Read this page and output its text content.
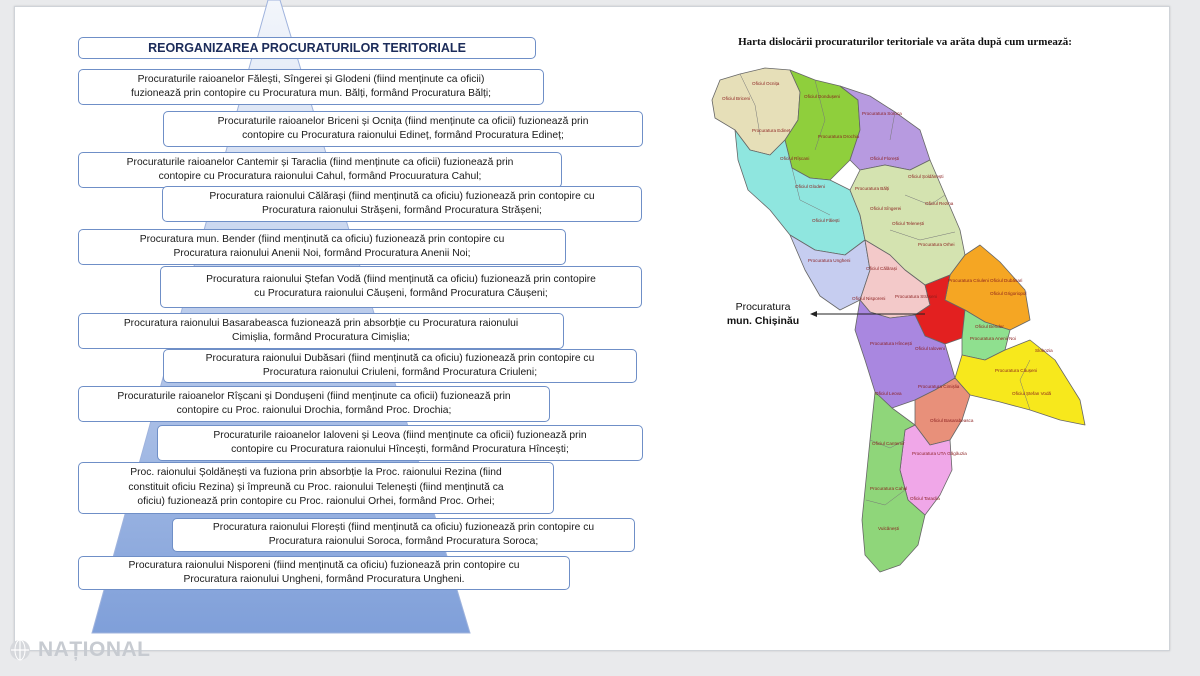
REORGANIZAREA PROCURATURILOR TERITORIALE
Procuraturile raioanelor Fălești, Sîngerei și Glodeni (fiind menținute ca oficii)
fuzionează prin contopire cu Procuratura mun. Bălți, formând Procuratura Bălți;
Procuraturile raioanelor Briceni și Ocnița (fiind menținute ca oficii) fuzionează prin
contopire cu Procuratura raionului Edineț, formând Procuratura Edineț;
Procuraturile raioanelor Cantemir și Taraclia (fiind menținute ca oficii) fuzionează prin
contopire cu Procuratura raionului Cahul, formând Procuuratura Cahul;
Procuratura raionului Călărași (fiind menținută ca oficiu) fuzionează prin contopire cu
Procuratura raionului Strășeni, formând Procuratura Strășeni;
Procuratura mun. Bender (fiind menținută ca oficiu) fuzionează prin contopire cu
Procuratura raionului Anenii Noi, formând Procuratura Anenii Noi;
Procuratura raionului Ștefan Vodă (fiind menținută ca oficiu) fuzionează prin contopire
cu Procuratura raionului Căușeni, formând Procuratura Căușeni;
Procuratura raionului Basarabeasca fuzionează prin absorbție cu Procuratura raionului
Cimișlia, formând Procuratura Cimișlia;
Procuratura raionului Dubăsari (fiind menținută ca oficiu) fuzionează prin contopire cu
Procuratura raionului Criuleni, formând Procuratura Criuleni;
Procuraturile raioanelor Rîșcani și Dondușeni (fiind menținute ca oficii) fuzionează prin
contopire cu Proc. raionului Drochia, formând Proc. Drochia;
Procuraturile raioanelor Ialoveni și Leova (fiind menținute ca oficii) fuzionează prin
contopire cu Procuratura raionului Hîncești, formând Procuratura Hîncești;
Proc. raionului Șoldănești va fuziona prin absorbție la Proc. raionului Rezina (fiind
constituit oficiu Rezina) și împreună cu Proc. raionului Telenești (fiind menținută ca
oficiu) fuzionează prin contopire cu Proc. raionului Orhei, formând Proc. Orhei;
Procuratura raionului Florești (fiind menținută ca oficiu) fuzionează prin contopire cu
Procuratura raionului Soroca, formând Procuratura Soroca;
Procuratura raionului Nisporeni (fiind menținută ca oficiu) fuzionează prin contopire cu
Procuratura raionului Ungheni, formând Procuratura Ungheni.
Harta dislocării procuraturilor teritoriale va arăta după cum urmează:
Procuratura
mun. Chișinău
Oficiul Ocnița
Oficiul Briceni	Oficiul Dondușeni
Procuratura Soroca
Procuratura Edineț
Procuratura Drochia
Oficiul Florești
Oficiul Rîșcani
Oficiul Glodeni
Oficiul Șoldănești
Procuratura Bălți
Oficiul Sîngerei
Oficiul Rezina
Oficiul Fălești
Oficiul Telenești
Procuratura Orhei
Procuratura Ungheni
Oficiul Călărași
Procuratura Criuleni Oficiul Dubăsari
Oficiul Grigoriopol
Oficiul Nisporeni Procuratura Strășeni
Oficiul Bender
Procuratura Anenii Noi
Procuratura Hîncești
Slobozia
Procuratura Căușeni
Oficiul Ștefan Vodă
Oficiul Ialoveni
Oficiul Leova
Procuratura Cimișlia
Oficiul Basarabeasca
Oficiul Cantemir
Procuratura UTA Găgăuzia
Procuratura Cahul
Oficiul Taraclia
Vulcănești
NAȚIONAL
